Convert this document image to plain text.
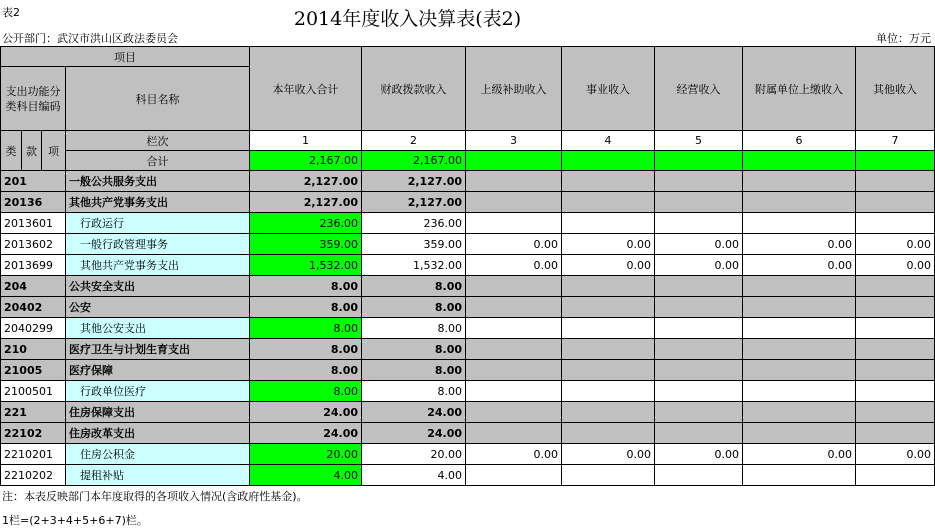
表2	2014年度收入决算表(表2)
公开部门：武汉市洪山区政法委员会	单位：万元
项目				本年收入合计	财政拨款收入	上级补助收入	事业收入	经营收入	附属单位上缴收入	其他收入
支出功能分类科目编码			科目名称							

类	款	项	栏次	1	2	3	4	5	6	7
			合计	2,167.00	2,167.00					
201			一般公共服务支出	2,127.00	2,127.00					
20136			其他共产党事务支出	2,127.00	2,127.00					
2013601			行政运行	236.00	236.00					
2013602			一般行政管理事务	359.00	359.00	0.00	0.00	0.00	0.00	0.00
2013699			其他共产党事务支出	1,532.00	1,532.00	0.00	0.00	0.00	0.00	0.00
204			公共安全支出	8.00	8.00					
20402			公安	8.00	8.00					
2040299			其他公安支出	8.00	8.00					
210			医疗卫生与计划生育支出	8.00	8.00					
21005			医疗保障	8.00	8.00					
2100501			行政单位医疗	8.00	8.00					
221			住房保障支出	24.00	24.00					
22102			住房改革支出	24.00	24.00					
2210201			住房公积金	20.00	20.00	0.00	0.00	0.00	0.00	0.00
2210202			提租补贴	4.00	4.00					
注：本表反映部门本年度取得的各项收入情况(含政府性基金)。
1栏=(2+3+4+5+6+7)栏。
